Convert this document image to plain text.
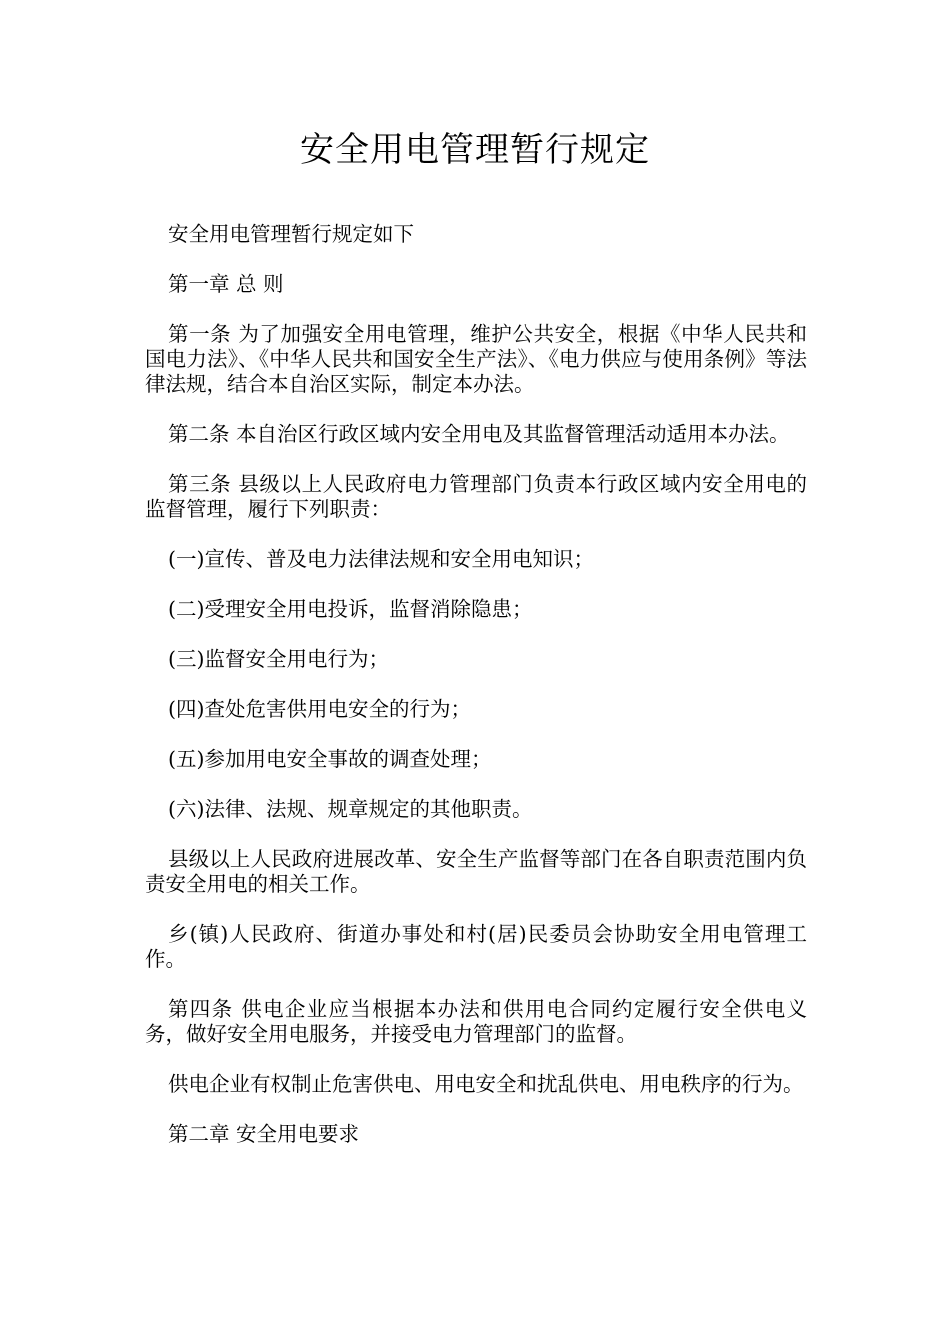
安全用电管理暂行规定

安全用电管理暂行规定如下

第一章 总 则

第一条 为了加强安全用电管理，维护公共安全，根据《中华人民共和国电力法》、《中华人民共和国安全生产法》、《电力供应与使用条例》等法律法规，结合本自治区实际，制定本办法。

第二条 本自治区行政区域内安全用电及其监督管理活动适用本办法。

第三条 县级以上人民政府电力管理部门负责本行政区域内安全用电的监督管理，履行下列职责：

(一)宣传、普及电力法律法规和安全用电知识；

(二)受理安全用电投诉，监督消除隐患；

(三)监督安全用电行为；

(四)查处危害供用电安全的行为；

(五)参加用电安全事故的调查处理；

(六)法律、法规、规章规定的其他职责。

县级以上人民政府进展改革、安全生产监督等部门在各自职责范围内负责安全用电的相关工作。

乡(镇)人民政府、街道办事处和村(居)民委员会协助安全用电管理工作。

第四条 供电企业应当根据本办法和供用电合同约定履行安全供电义务，做好安全用电服务，并接受电力管理部门的监督。

供电企业有权制止危害供电、用电安全和扰乱供电、用电秩序的行为。

第二章 安全用电要求
